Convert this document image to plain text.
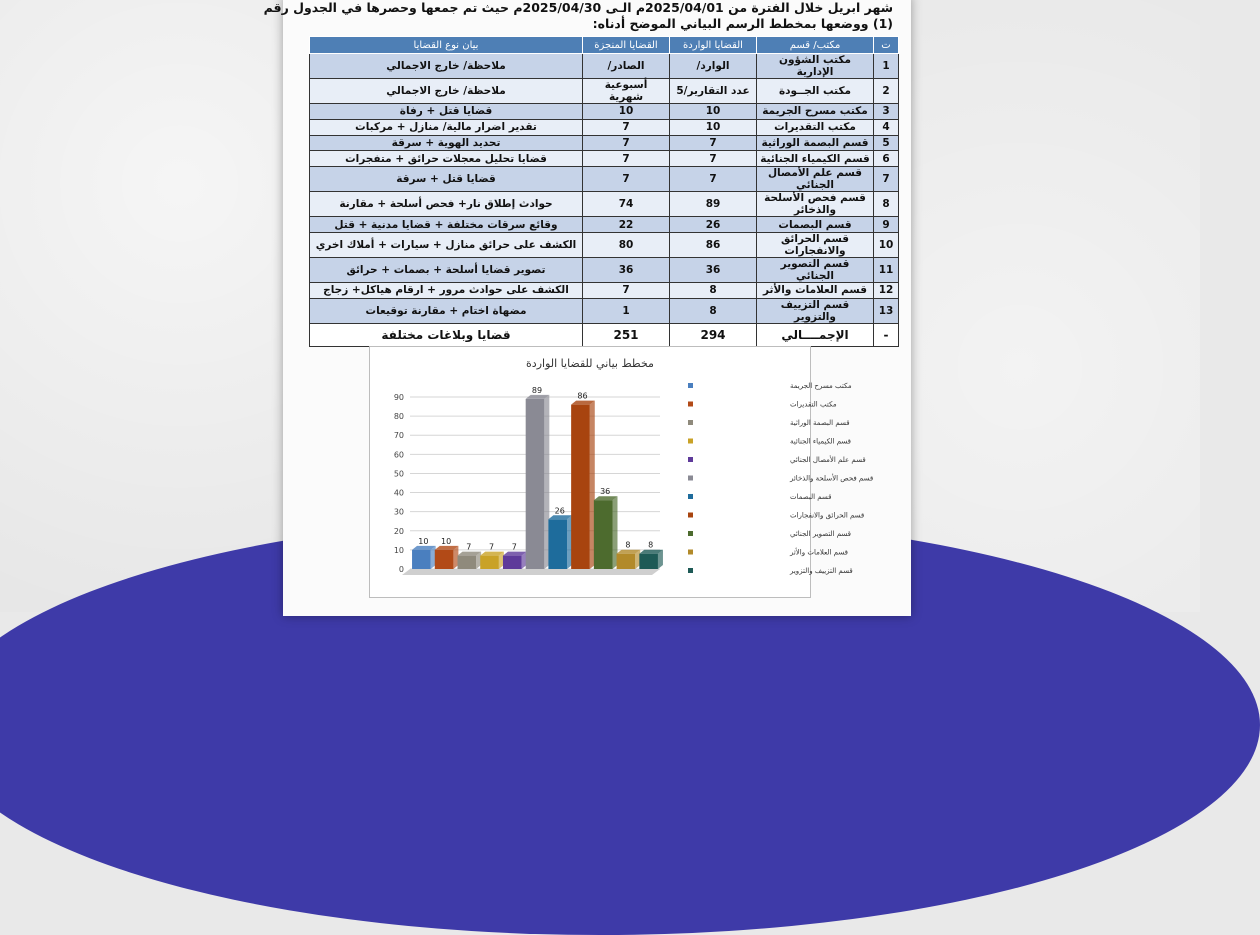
شهر ابريل خلال الفترة من 2025/04/01م الـى 2025/04/30م حيث تم جمعها وحصرها في الجدول رقم
(1) ووضعها بمخطط الرسم البياني الموضح أدناه:
ت	مكتب/ قسم	القضايا الواردة	القضايا المنجزة	بيان نوع القضايا
1	مكتب الشؤون الإدارية	الوارد/	الصادر/	ملاحظة/ خارج الاجمالي
2	مكتب الجــودة	عدد التقارير/5	أسبوعية شهرية	ملاحظة/ خارج الاجمالي
3	مكتب مسرح الجريمة	10	10	قضايا قتل + رفاة
4	مكتب التقديرات	10	7	تقدير اضرار مالية/ منازل + مركبات
5	قسم البصمة الوراثية	7	7	تحديد الهوية + سرقة
6	قسم الكيمياء الجنائية	7	7	قضايا تحليل معجلات حرائق + متفجرات
7	قسم علم الأمصال الجنائي	7	7	قضايا قتل + سرقة
8	قسم فحص الأسلحة والذخائر	89	74	حوادث إطلاق نار+ فحص أسلحة + مقارنة
9	قسم البصمات	26	22	وقائع سرقات مختلفة + قضايا مدنية + قتل
10	قسم الحرائق والانفجارات	86	80	الكشف على حرائق منازل + سيارات + أملاك اخري
11	قسم التصوير الجنائي	36	36	تصوير قضايا أسلحة + بصمات + حرائق
12	قسم العلامات والأثر	8	7	الكشف على حوادث مرور + ارقام هياكل+ زجاج
13	قسم التزييف والتزوير	8	1	مضهاة اختام + مقارنة توقيعات
-	الإجمــــالي	294	251	قضايا وبلاغات مختلفة
مخطط بياني للقضايا الواردة
0
10
20
30
40
50
60
70
80
90
10 10
7 7 7
89
26
86
36
8 8
مكتب مسرح الجريمة
مكتب التقديرات
قسم البصمة الوراثية
قسم الكيمياء الجنائية
قسم علم الأمصال الجنائي
قسم فحص الأسلحة والذخائر
قسم البصمات
قسم الحرائق والانفجارات
قسم التصوير الجنائي
قسم العلامات والأثر
قسم التزييف والتزوير
